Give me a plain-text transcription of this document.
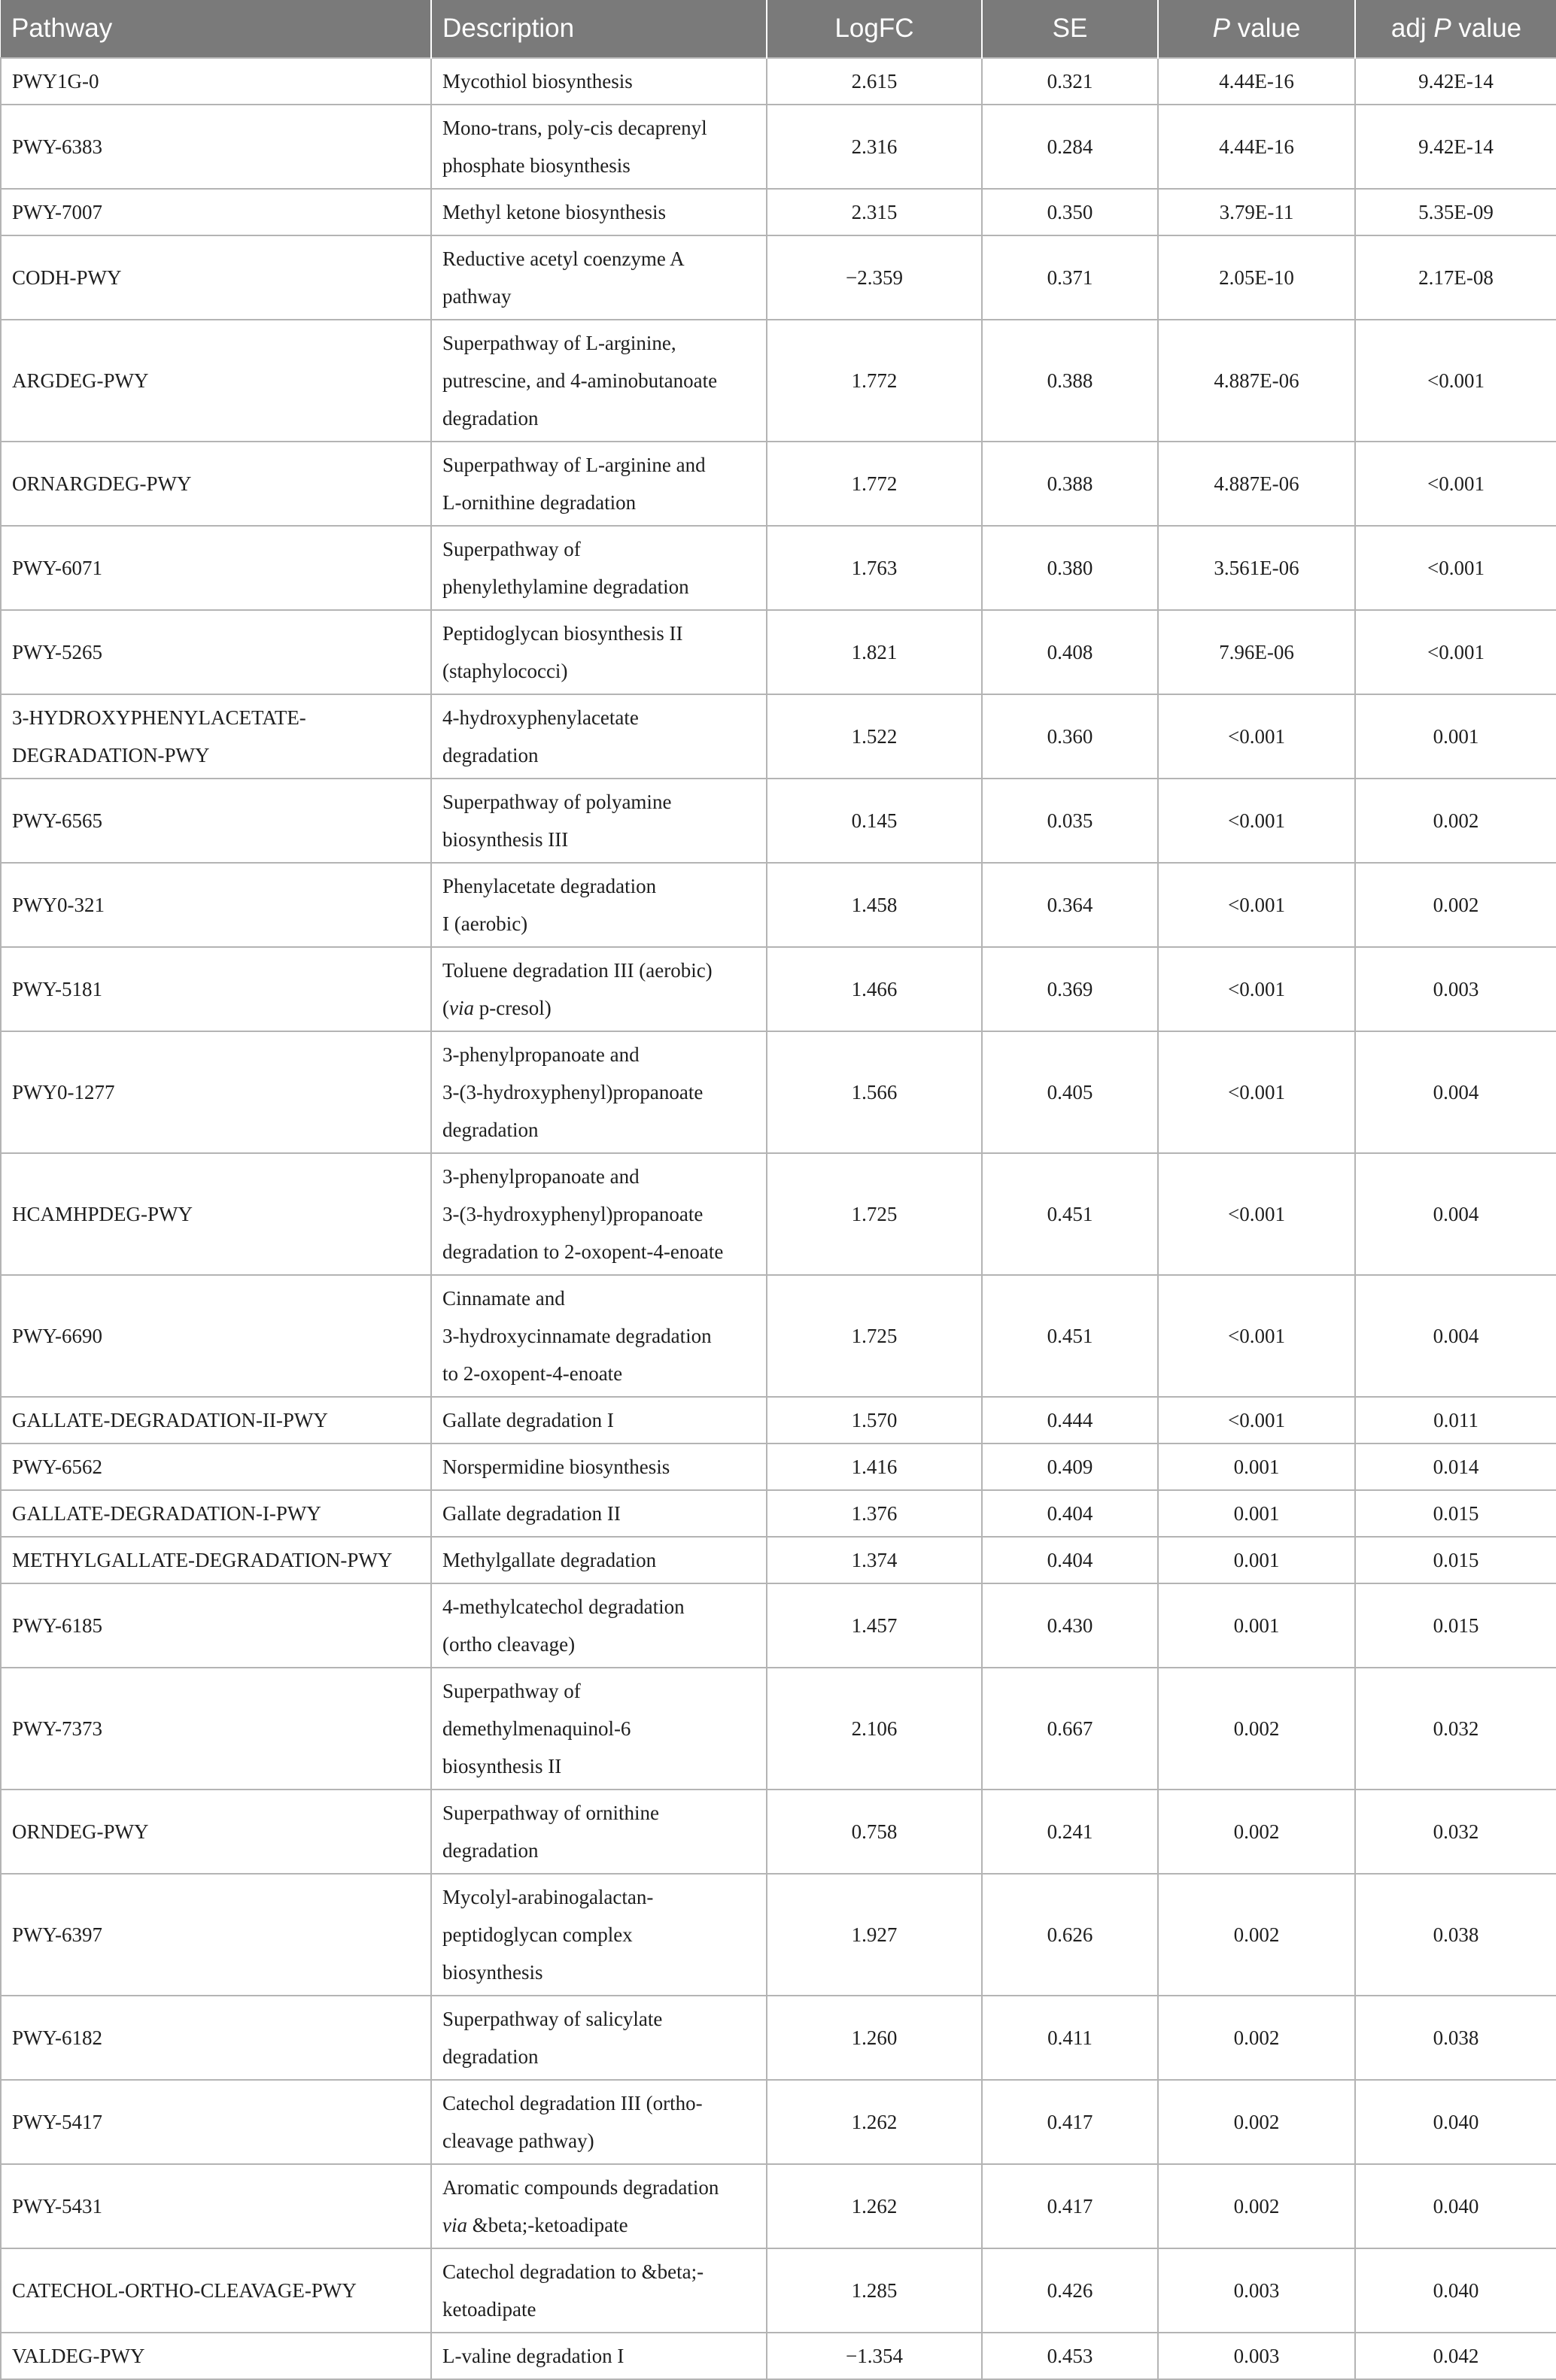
Pathway	Description	LogFC	SE	P value	adj P value
PWY1G-0	Mycothiol biosynthesis	2.615	0.321	4.44E-16	9.42E-14
PWY-6383	Mono-trans, poly-cis decaprenyl
phosphate biosynthesis	2.316	0.284	4.44E-16	9.42E-14
PWY-7007	Methyl ketone biosynthesis	2.315	0.350	3.79E-11	5.35E-09
CODH-PWY	Reductive acetyl coenzyme A
pathway	−2.359	0.371	2.05E-10	2.17E-08
ARGDEG-PWY	Superpathway of L-arginine,
putrescine, and 4-aminobutanoate
degradation	1.772	0.388	4.887E-06	<0.001
ORNARGDEG-PWY	Superpathway of L-arginine and
L-ornithine degradation	1.772	0.388	4.887E-06	<0.001
PWY-6071	Superpathway of
phenylethylamine degradation	1.763	0.380	3.561E-06	<0.001
PWY-5265	Peptidoglycan biosynthesis II
(staphylococci)	1.821	0.408	7.96E-06	<0.001
3-HYDROXYPHENYLACETATE-
DEGRADATION-PWY	4-hydroxyphenylacetate
degradation	1.522	0.360	<0.001	0.001
PWY-6565	Superpathway of polyamine
biosynthesis III	0.145	0.035	<0.001	0.002
PWY0-321	Phenylacetate degradation
I (aerobic)	1.458	0.364	<0.001	0.002
PWY-5181	Toluene degradation III (aerobic)
(via p-cresol)	1.466	0.369	<0.001	0.003
PWY0-1277	3-phenylpropanoate and
3-(3-hydroxyphenyl)propanoate
degradation	1.566	0.405	<0.001	0.004
HCAMHPDEG-PWY	3-phenylpropanoate and
3-(3-hydroxyphenyl)propanoate
degradation to 2-oxopent-4-enoate	1.725	0.451	<0.001	0.004
PWY-6690	Cinnamate and
3-hydroxycinnamate degradation
to 2-oxopent-4-enoate	1.725	0.451	<0.001	0.004
GALLATE-DEGRADATION-II-PWY	Gallate degradation I	1.570	0.444	<0.001	0.011
PWY-6562	Norspermidine biosynthesis	1.416	0.409	0.001	0.014
GALLATE-DEGRADATION-I-PWY	Gallate degradation II	1.376	0.404	0.001	0.015
METHYLGALLATE-DEGRADATION-PWY	Methylgallate degradation	1.374	0.404	0.001	0.015
PWY-6185	4-methylcatechol degradation
(ortho cleavage)	1.457	0.430	0.001	0.015
PWY-7373	Superpathway of
demethylmenaquinol-6
biosynthesis II	2.106	0.667	0.002	0.032
ORNDEG-PWY	Superpathway of ornithine
degradation	0.758	0.241	0.002	0.032
PWY-6397	Mycolyl-arabinogalactan-
peptidoglycan complex
biosynthesis	1.927	0.626	0.002	0.038
PWY-6182	Superpathway of salicylate
degradation	1.260	0.411	0.002	0.038
PWY-5417	Catechol degradation III (ortho-
cleavage pathway)	1.262	0.417	0.002	0.040
PWY-5431	Aromatic compounds degradation
via &beta;-ketoadipate	1.262	0.417	0.002	0.040
CATECHOL-ORTHO-CLEAVAGE-PWY	Catechol degradation to &beta;-
ketoadipate	1.285	0.426	0.003	0.040
VALDEG-PWY	L-valine degradation I	−1.354	0.453	0.003	0.042
